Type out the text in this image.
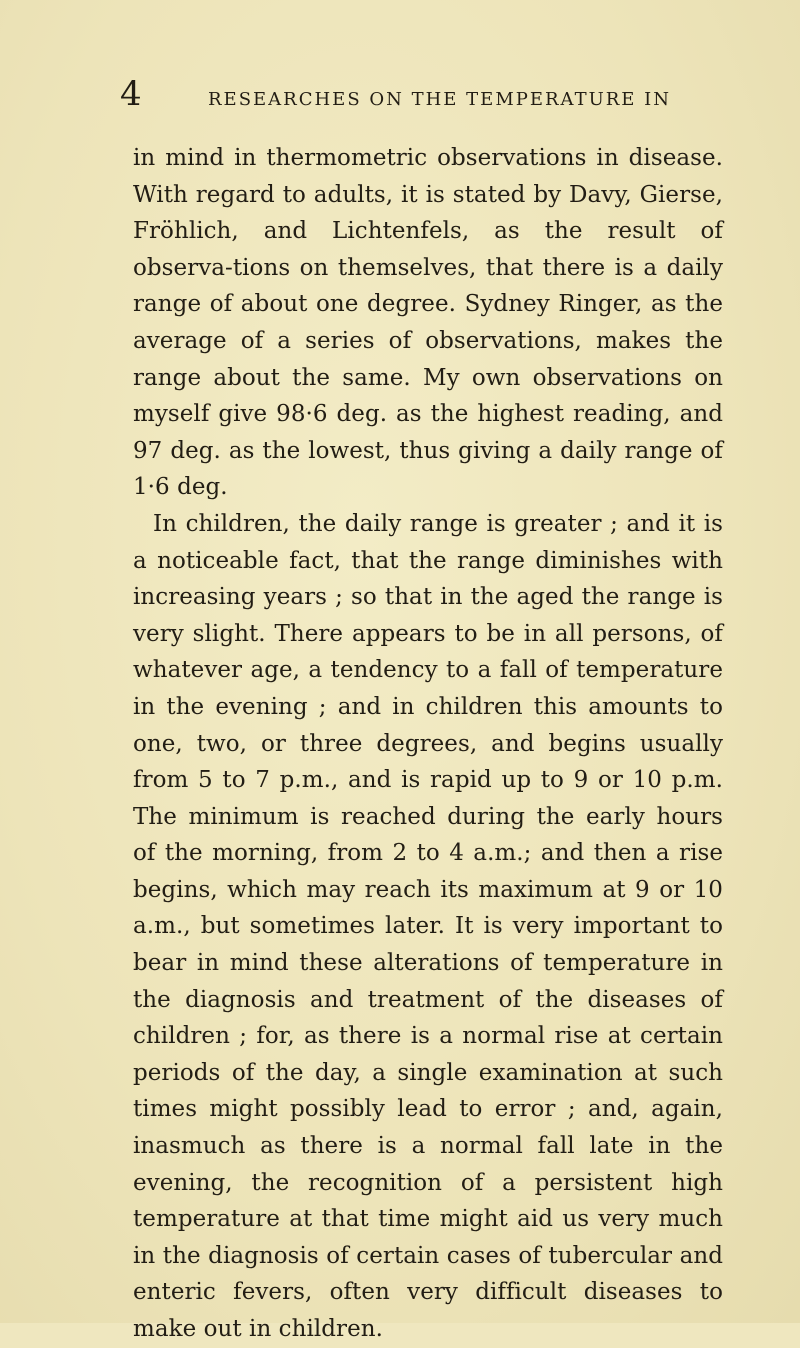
4	RESEARCHES ON THE TEMPERATURE IN

in mind in thermometric observations in disease. With regard to adults, it is stated by Davy, Gierse, Fröhlich, and Lichtenfels, as the result of observa-tions on themselves, that there is a daily range of about one degree. Sydney Ringer, as the average of a series of observations, makes the range about the same. My own observations on myself give 98·6 deg. as the highest reading, and 97 deg. as the lowest, thus giving a daily range of 1·6 deg.

In children, the daily range is greater ; and it is a noticeable fact, that the range diminishes with increasing years ; so that in the aged the range is very slight. There appears to be in all persons, of whatever age, a tendency to a fall of temperature in the evening ; and in children this amounts to one, two, or three degrees, and begins usually from 5 to 7 p.m., and is rapid up to 9 or 10 p.m. The minimum is reached during the early hours of the morning, from 2 to 4 a.m.; and then a rise begins, which may reach its maximum at 9 or 10 a.m., but sometimes later. It is very important to bear in mind these alterations of temperature in the diagnosis and treatment of the diseases of children ; for, as there is a normal rise at certain periods of the day, a single examination at such times might possibly lead to error ; and, again, inasmuch as there is a normal fall late in the evening, the recognition of a persistent high temperature at that time might aid us very much in the diagnosis of certain cases of tubercular and enteric fevers, often very difficult diseases to make out in children.
